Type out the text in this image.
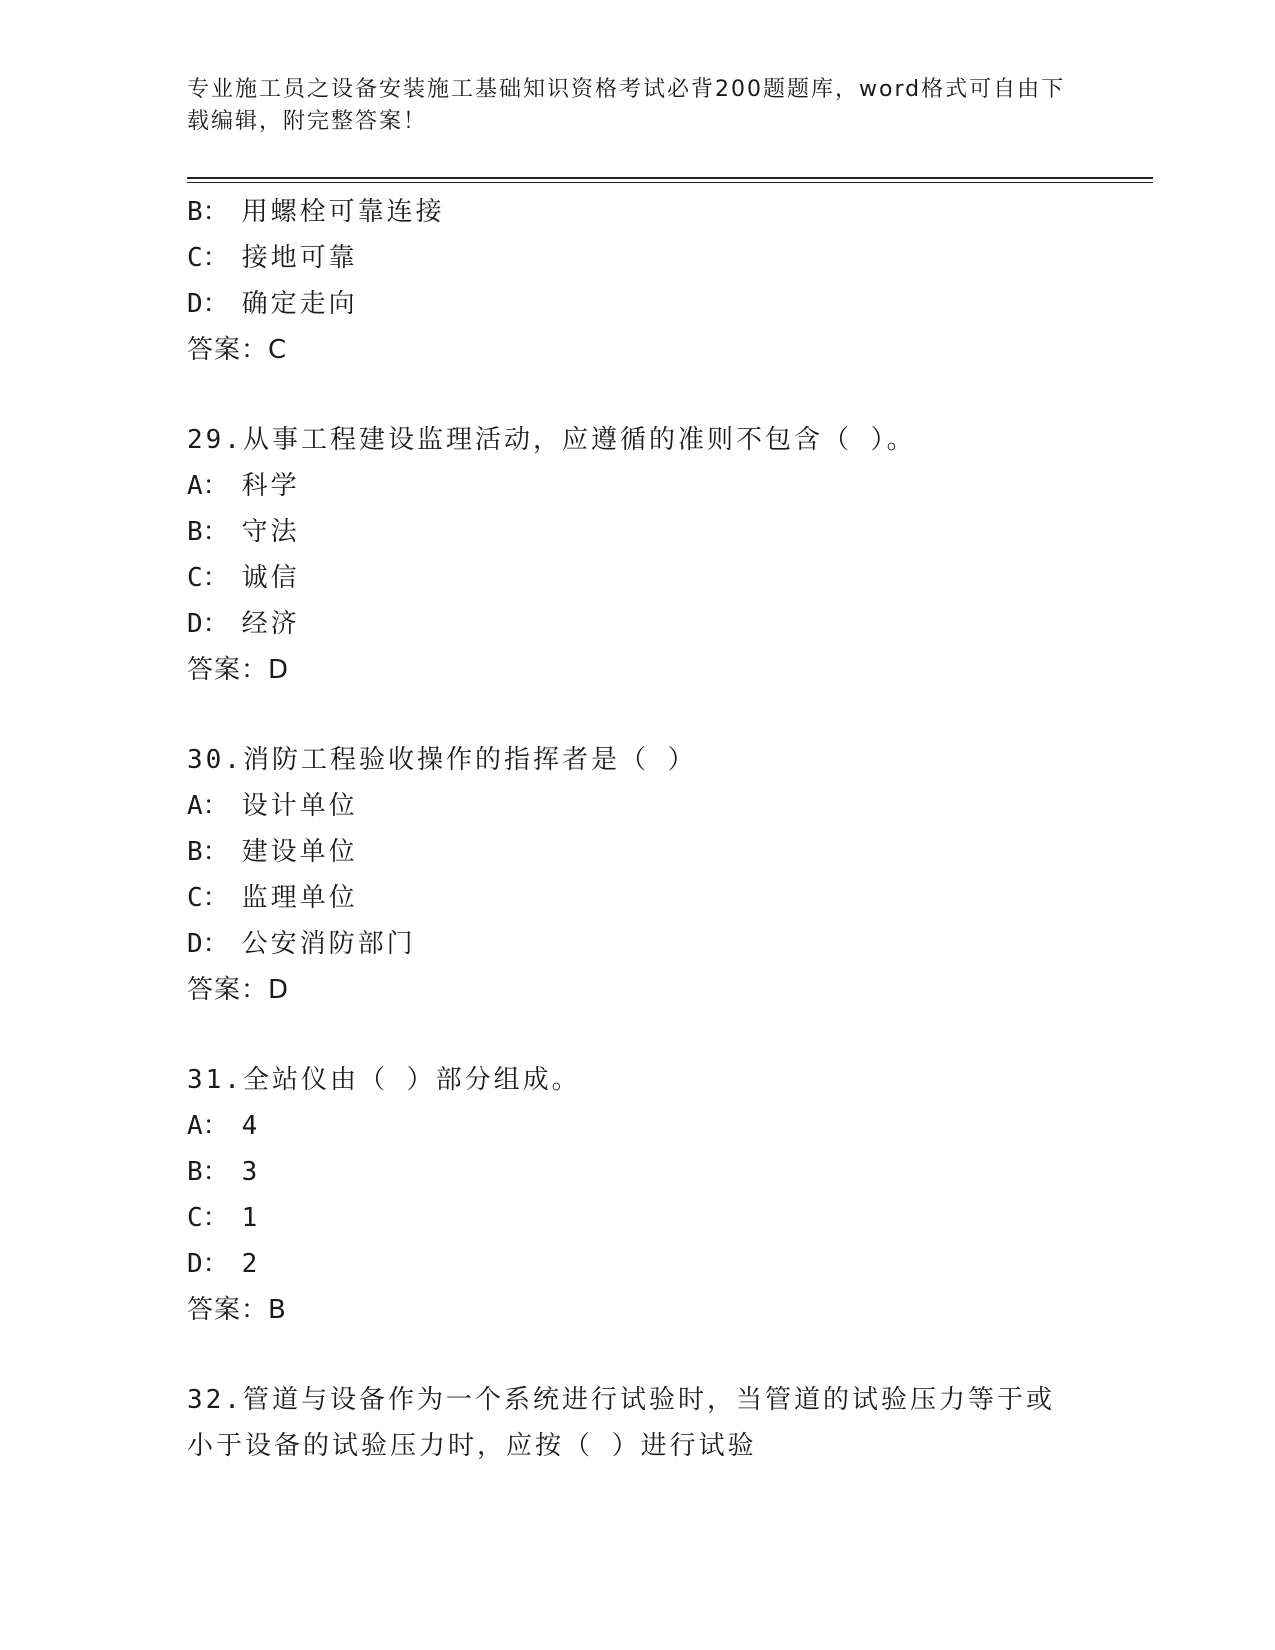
专业施工员之设备安装施工基础知识资格考试必背200题题库，word格式可自由下载编辑，附完整答案！
B： 用螺栓可靠连接
C： 接地可靠
D： 确定走向
答案：C
29.从事工程建设监理活动，应遵循的准则不包含（ ）。
A： 科学
B： 守法
C： 诚信
D： 经济
答案：D
30.消防工程验收操作的指挥者是（ ）
A： 设计单位
B： 建设单位
C： 监理单位
D： 公安消防部门
答案：D
31.全站仪由（ ）部分组成。
A： 4
B： 3
C： 1
D： 2
答案：B
32.管道与设备作为一个系统进行试验时，当管道的试验压力等于或小于设备的试验压力时，应按（ ）进行试验
